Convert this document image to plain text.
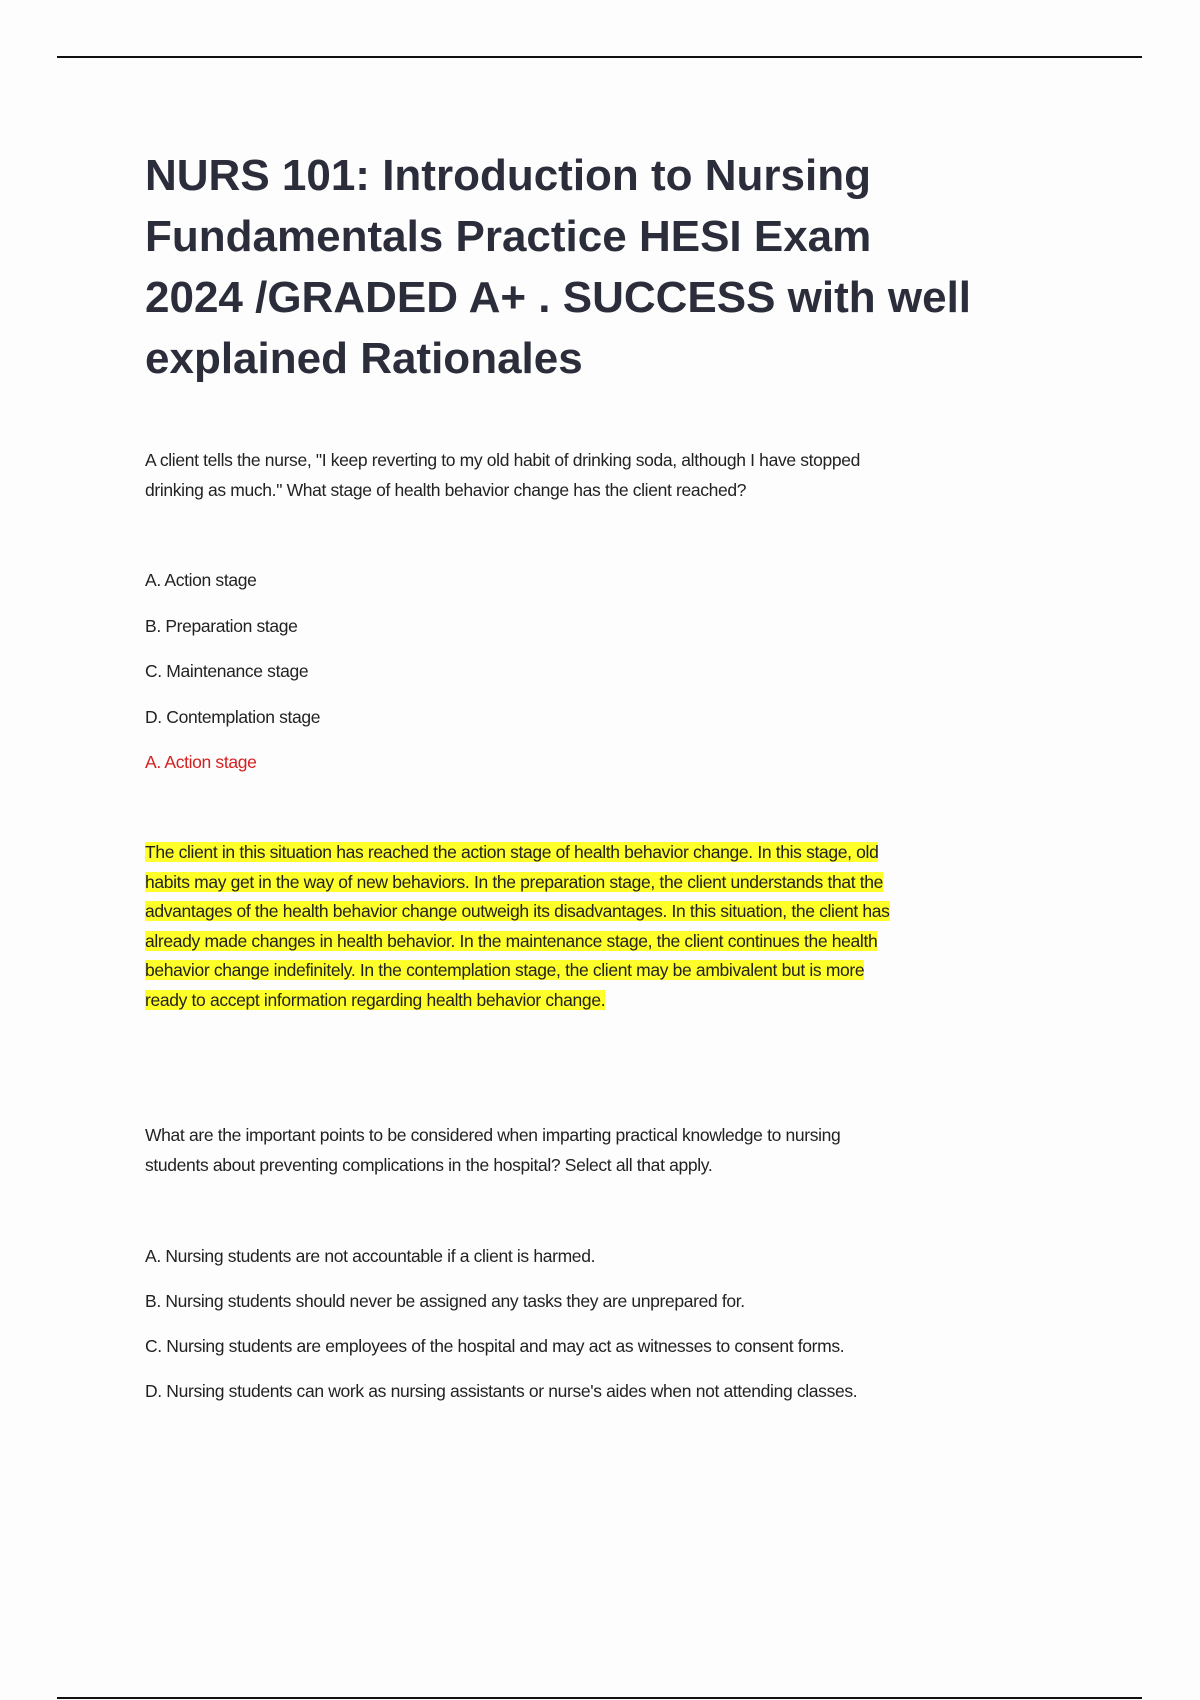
NURS 101: Introduction to Nursing
Fundamentals Practice HESI Exam
2024 /GRADED A+ . SUCCESS with well
explained Rationales
A client tells the nurse, "I keep reverting to my old habit of drinking soda, although I have stopped
drinking as much." What stage of health behavior change has the client reached?
A. Action stage
B. Preparation stage
C. Maintenance stage
D. Contemplation stage
A. Action stage
The client in this situation has reached the action stage of health behavior change. In this stage, old
habits may get in the way of new behaviors. In the preparation stage, the client understands that the
advantages of the health behavior change outweigh its disadvantages. In this situation, the client has
already made changes in health behavior. In the maintenance stage, the client continues the health
behavior change indefinitely. In the contemplation stage, the client may be ambivalent but is more
ready to accept information regarding health behavior change.
What are the important points to be considered when imparting practical knowledge to nursing
students about preventing complications in the hospital? Select all that apply.
A. Nursing students are not accountable if a client is harmed.
B. Nursing students should never be assigned any tasks they are unprepared for.
C. Nursing students are employees of the hospital and may act as witnesses to consent forms.
D. Nursing students can work as nursing assistants or nurse's aides when not attending classes.
